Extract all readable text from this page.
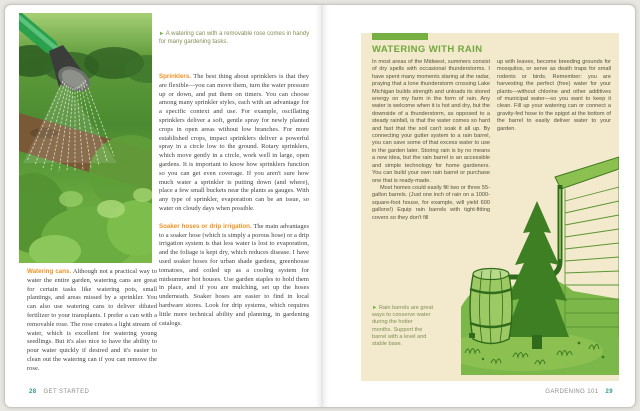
► A watering can with a removable rose comes in handy for many gardening tasks.

Sprinklers. The best thing about sprinklers is that they are flexible—you can move them, turn the water pressure up or down, and put them on timers. You can choose among many sprinkler styles, each with an advantage for a specific context and use. For example, oscillating sprinklers deliver a soft, gentle spray for newly planted crops in open areas without low branches. For more established crops, impact sprinklers deliver a powerful spray in a circle low to the ground. Rotary sprinklers, which move gently in a circle, work well in large, open gardens. It is important to know how sprinklers function so you can get even coverage. If you aren't sure how much water a sprinkler is putting down (and where), place a few small buckets near the plants as gauges. With any type of sprinkler, evaporation can be an issue, so water on cloudy days when possible.

Soaker hoses or drip irrigation. The main advantages to a soaker hose (which is simply a porous hose) or a drip irrigation system is that less water is lost to evaporation, and the foliage is kept dry, which reduces disease. I have used soaker hoses for urban shade gardens, greenhouse tomatoes, and coiled up as a cooling system for midsummer hot houses. Use garden staples to hold them in place, and if you are mulching, set up the hoses underneath. Soaker hoses are easier to find in local hardware stores. Look for drip systems, which requires little more technical ability and planning, in gardening catalogs.

Watering cans. Although not a practical way to water the entire garden, watering cans are great for certain tasks like watering pots, small plantings, and areas missed by a sprinkler. You can also use watering cans to deliver diluted fertilizer to your transplants. I prefer a can with a removable rose. The rose creates a light stream of water, which is excellent for watering young seedlings. But it's also nice to have the ability to pour water quickly if desired and it's easier to clean out the watering can if you can remove the rose.

28 GET STARTED
WATERING WITH RAIN

In most areas of the Midwest, summers consist of dry spells with occasional thunderstorms. I have spent many moments staring at the radar, praying that a lone thunderstorm crossing Lake Michigan builds strength and unloads its stored energy on my farm in the form of rain. Any water is welcome when it is hot and dry, but the downside of a thunderstorm, as opposed to a steady rainfall, is that the water comes so hard and fast that the soil can't soak it all up. By connecting your gutter system to a rain barrel, you can save some of that excess water to use in the garden later. Storing rain is by no means a new idea, but the rain barrel is an accessible and simple technology for home gardeners. You can build your own rain barrel or purchase one that is ready-made.

Most homes could easily fill two or three 55-gallon barrels. (Just one inch of rain on a 1000-square-foot house, for example, will yield 600 gallons!) Equip rain barrels with tight-fitting covers so they don't fill

up with leaves, become breeding grounds for mosquitos, or serve as death traps for small rodents or birds. Remember: you are harvesting the perfect (free) water for your plants—without chlorine and other additives of municipal water—so you want to keep it clean. Fill up your watering can or connect a gravity-fed hose to the spigot at the bottom of the barrel to easily deliver water to your garden.

► Rain barrels are great ways to conserve water during the hotter months. Support the barrel with a level and stable base.
GARDENING 101 29
